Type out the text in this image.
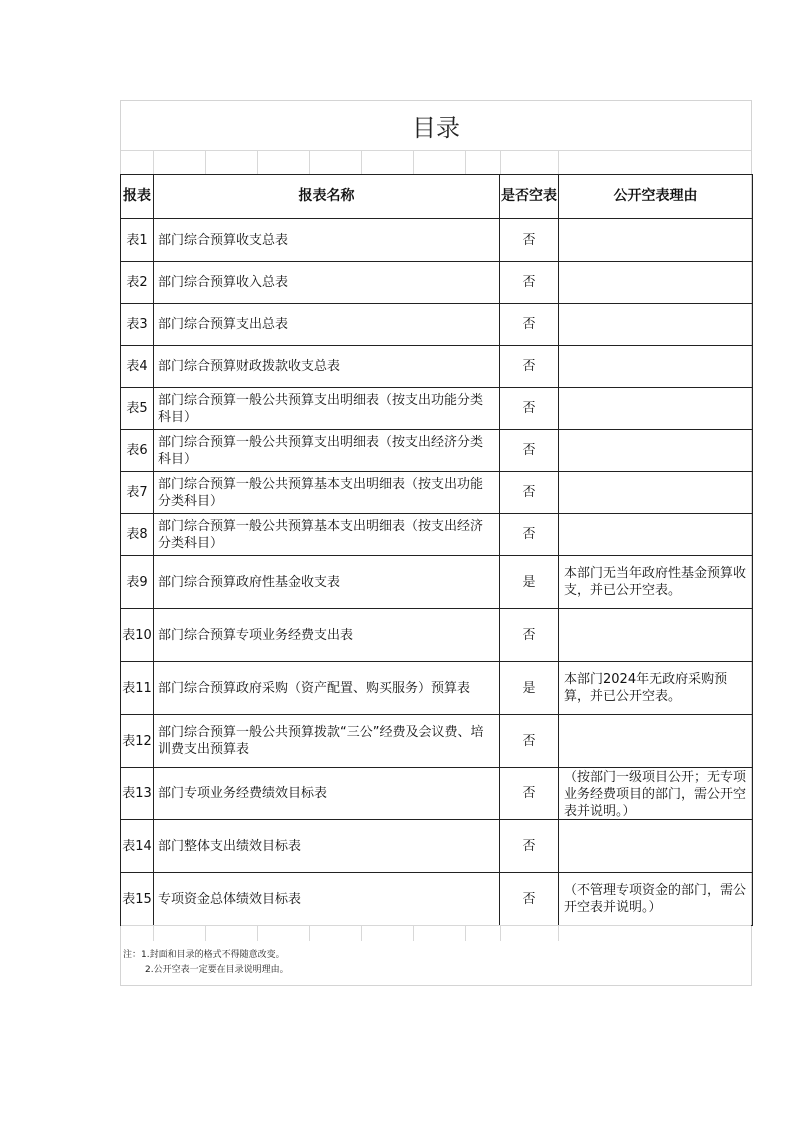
目录
报表	报表名称	是否空表	公开空表理由
表1	部门综合预算收支总表	否	
表2	部门综合预算收入总表	否	
表3	部门综合预算支出总表	否	
表4	部门综合预算财政拨款收支总表	否	
表5	部门综合预算一般公共预算支出明细表（按支出功能分类科目）	否	
表6	部门综合预算一般公共预算支出明细表（按支出经济分类科目）	否	
表7	部门综合预算一般公共预算基本支出明细表（按支出功能分类科目）	否	
表8	部门综合预算一般公共预算基本支出明细表（按支出经济分类科目）	否	
表9	部门综合预算政府性基金收支表	是	本部门无当年政府性基金预算收支，并已公开空表。
表10	部门综合预算专项业务经费支出表	否	
表11	部门综合预算政府采购（资产配置、购买服务）预算表	是	本部门2024年无政府采购预算，并已公开空表。
表12	部门综合预算一般公共预算拨款“三公”经费及会议费、培训费支出预算表	否	
表13	部门专项业务经费绩效目标表	否	（按部门一级项目公开；无专项业务经费项目的部门，需公开空表并说明。）

表14	部门整体支出绩效目标表	否	
表15	专项资金总体绩效目标表	否	（不管理专项资金的部门，需公开空表并说明。）
注：1.封面和目录的格式不得随意改变。
2.公开空表一定要在目录说明理由。
